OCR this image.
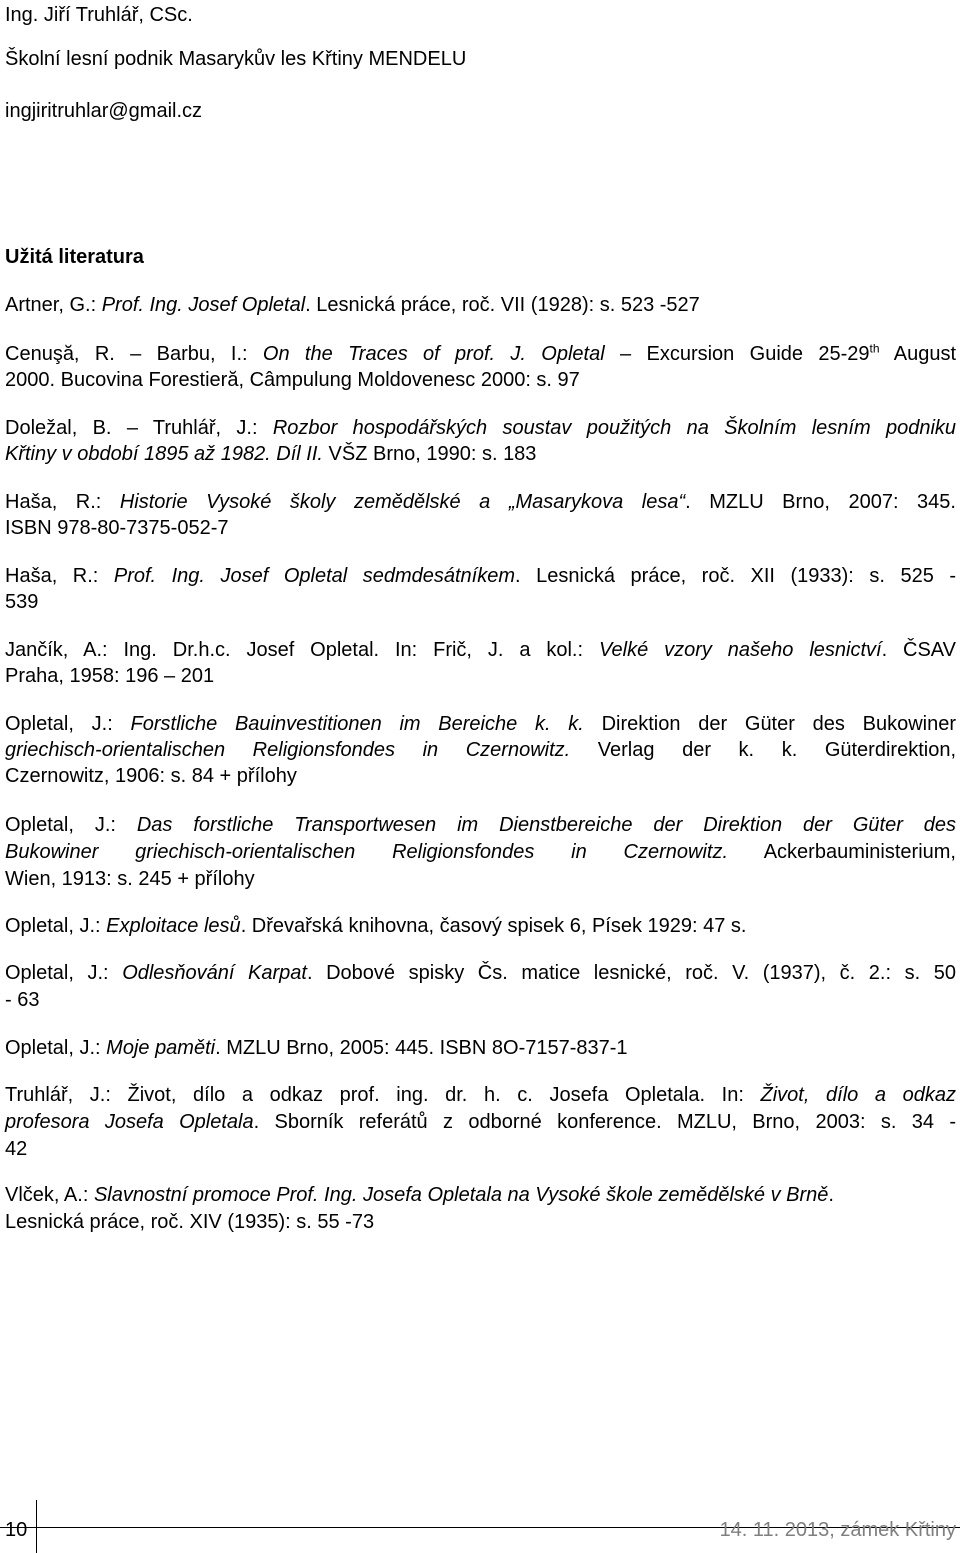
Ing. Jiří Truhlář, CSc.
Školní lesní podnik Masarykův les Křtiny MENDELU
ingjiritruhlar@gmail.cz
Užitá literatura
Artner, G.: Prof. Ing. Josef Opletal. Lesnická práce, roč. VII (1928): s. 523 -527
Cenuşă, R. – Barbu, I.: On the Traces of prof. J. Opletal – Excursion Guide 25-29th August
2000. Bucovina Forestieră, Câmpulung Moldovenesc 2000: s. 97
Doležal, B. – Truhlář, J.: Rozbor hospodářských soustav použitých na Školním lesním podniku
Křtiny v období 1895 až 1982. Díl II. VŠZ Brno, 1990: s. 183
Haša, R.: Historie Vysoké školy zemědělské a „Masarykova lesa“. MZLU Brno, 2007: 345.
ISBN 978-80-7375-052-7
Haša, R.: Prof. Ing. Josef Opletal sedmdesátníkem. Lesnická práce, roč. XII (1933): s. 525 -
539
Jančík, A.: Ing. Dr.h.c. Josef Opletal. In: Frič, J. a kol.: Velké vzory našeho lesnictví. ČSAV
Praha, 1958: 196 – 201
Opletal, J.: Forstliche Bauinvestitionen im Bereiche k. k. Direktion der Güter des Bukowiner
griechisch-orientalischen Religionsfondes in Czernowitz. Verlag der k. k. Güterdirektion,
Czernowitz, 1906: s. 84 + přílohy
Opletal, J.: Das forstliche Transportwesen im Dienstbereiche der Direktion der Güter des
Bukowiner griechisch-orientalischen Religionsfondes in Czernowitz. Ackerbauministerium,
Wien, 1913: s. 245 + přílohy
Opletal, J.: Exploitace lesů. Dřevařská knihovna, časový spisek 6, Písek 1929: 47 s.
Opletal, J.: Odlesňování Karpat. Dobové spisky Čs. matice lesnické, roč. V. (1937), č. 2.: s. 50
- 63
Opletal, J.: Moje paměti. MZLU Brno, 2005: 445. ISBN 8O-7157-837-1
Truhlář, J.: Život, dílo a odkaz prof. ing. dr. h. c. Josefa Opletala. In: Život, dílo a odkaz
profesora Josefa Opletala. Sborník referátů z odborné konference. MZLU, Brno, 2003: s. 34 -
42
Vlček, A.: Slavnostní promoce Prof. Ing. Josefa Opletala na Vysoké škole zemědělské v Brně.
Lesnická práce, roč. XIV (1935): s. 55 -73
10	14. 11. 2013, zámek Křtiny
